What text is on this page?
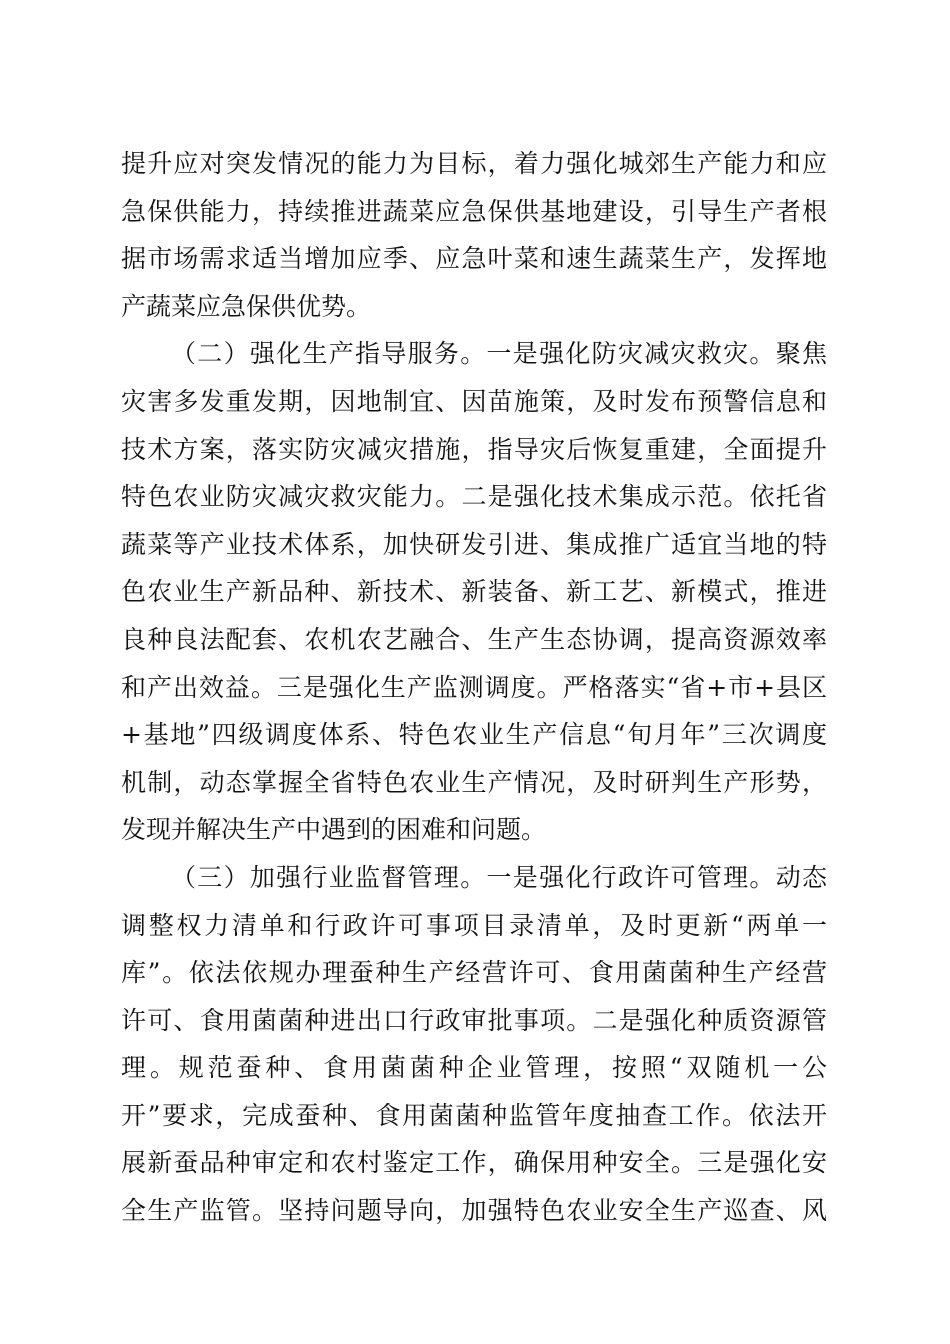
提升应对突发情况的能力为目标，着力强化城郊生产能力和应
急保供能力，持续推进蔬菜应急保供基地建设，引导生产者根
据市场需求适当增加应季、应急叶菜和速生蔬菜生产，发挥地
产蔬菜应急保供优势。
（二）强化生产指导服务。一是强化防灾减灾救灾。聚焦
灾害多发重发期，因地制宜、因苗施策，及时发布预警信息和
技术方案，落实防灾减灾措施，指导灾后恢复重建，全面提升
特色农业防灾减灾救灾能力。二是强化技术集成示范。依托省
蔬菜等产业技术体系，加快研发引进、集成推广适宜当地的特
色农业生产新品种、新技术、新装备、新工艺、新模式，推进
良种良法配套、农机农艺融合、生产生态协调，提高资源效率
和产出效益。三是强化生产监测调度。严格落实“省+市+县区
+基地”四级调度体系、特色农业生产信息“旬月年”三次调度
机制，动态掌握全省特色农业生产情况，及时研判生产形势，
发现并解决生产中遇到的困难和问题。
（三）加强行业监督管理。一是强化行政许可管理。动态
调整权力清单和行政许可事项目录清单，及时更新“两单一
库”。依法依规办理蚕种生产经营许可、食用菌菌种生产经营
许可、食用菌菌种进出口行政审批事项。二是强化种质资源管
理。规范蚕种、食用菌菌种企业管理，按照“双随机一公
开”要求，完成蚕种、食用菌菌种监管年度抽查工作。依法开
展新蚕品种审定和农村鉴定工作，确保用种安全。三是强化安
全生产监管。坚持问题导向，加强特色农业安全生产巡查、风
